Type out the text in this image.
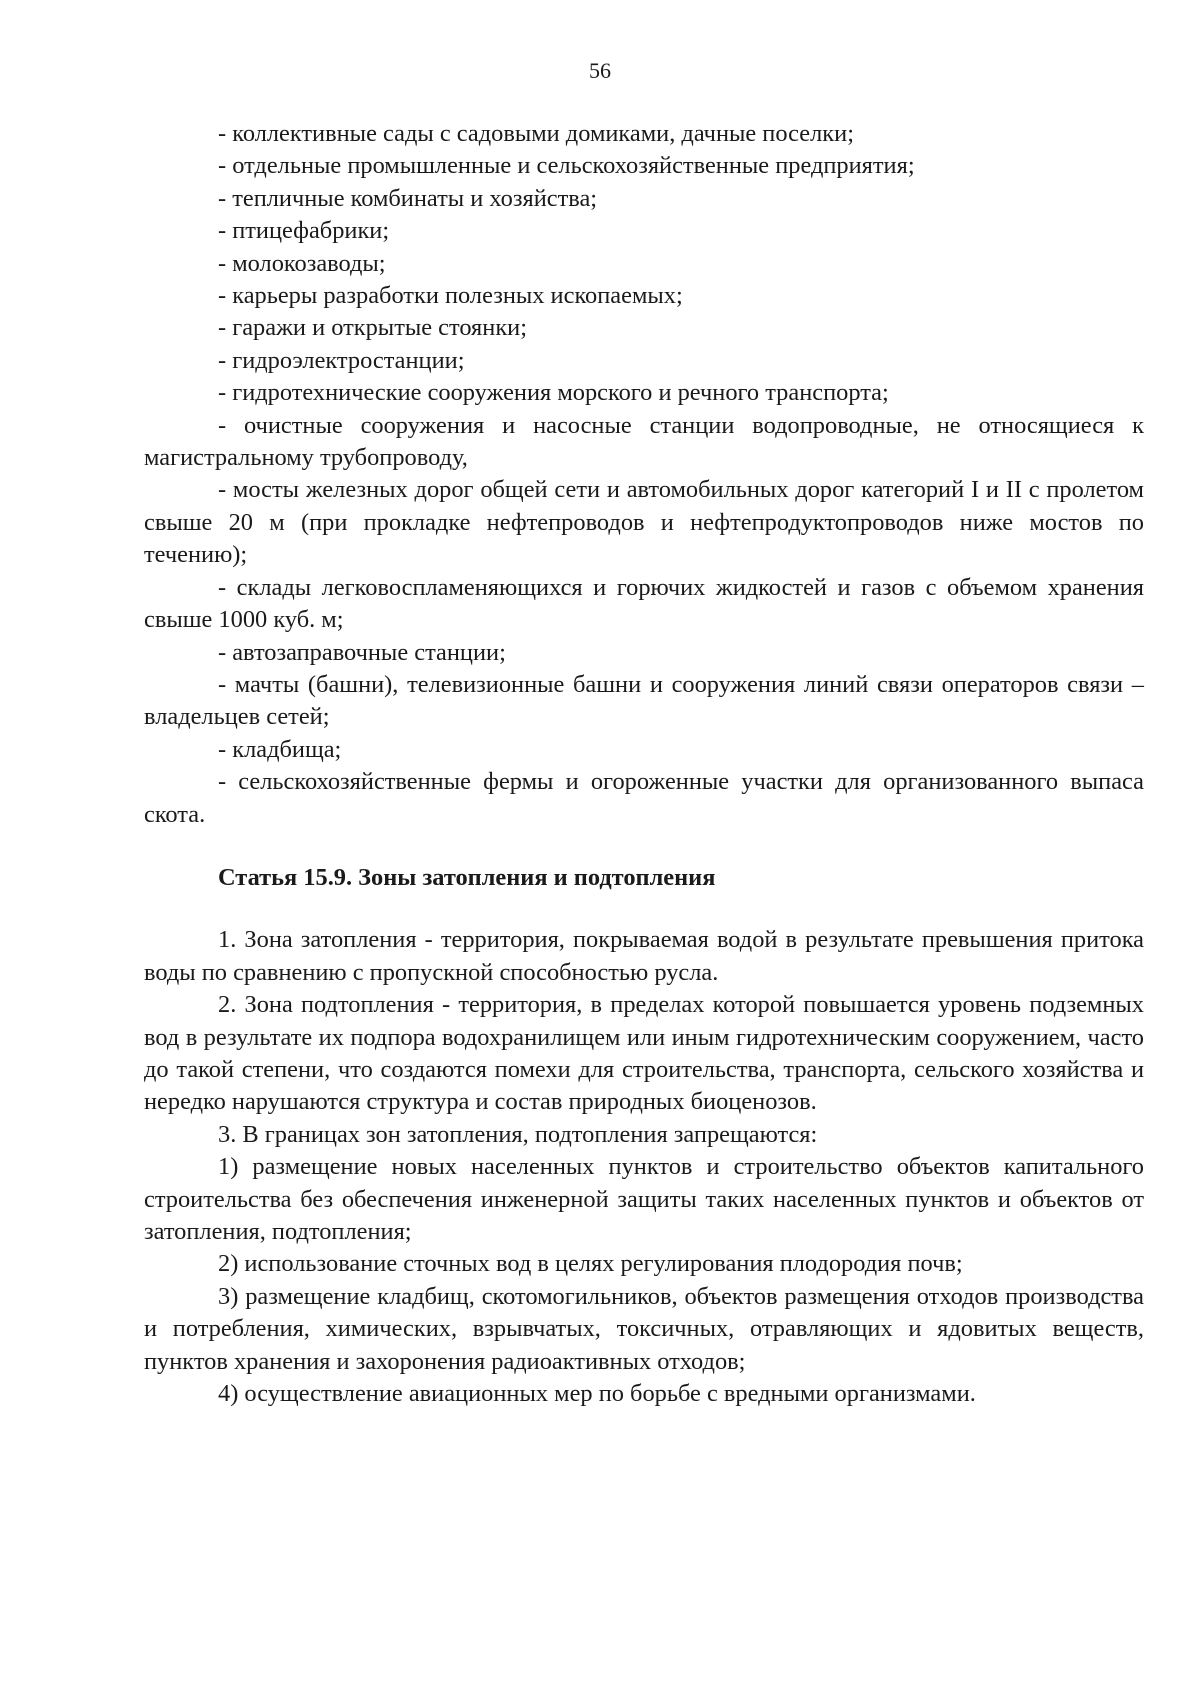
56

- коллективные сады с садовыми домиками, дачные поселки;

- отдельные промышленные и сельскохозяйственные предприятия;

- тепличные комбинаты и хозяйства;

- птицефабрики;

- молокозаводы;

- карьеры разработки полезных ископаемых;

- гаражи и открытые стоянки;

- гидроэлектростанции;

- гидротехнические сооружения морского и речного транспорта;

- очистные сооружения и насосные станции водопроводные, не относящиеся к магистральному трубопроводу,

- мосты железных дорог общей сети и автомобильных дорог категорий I и II с пролетом свыше 20 м (при прокладке нефтепроводов и нефтепродуктопроводов ниже мостов по течению);

- склады легковоспламеняющихся и горючих жидкостей и газов с объемом хранения свыше 1000 куб. м;

- автозаправочные станции;

- мачты (башни), телевизионные башни и сооружения линий связи операторов связи – владельцев сетей;

- кладбища;

- сельскохозяйственные фермы и огороженные участки для организованного выпаса скота.

Статья 15.9. Зоны затопления и подтопления

1. Зона затопления - территория, покрываемая водой в результате превышения притока воды по сравнению с пропускной способностью русла.

2. Зона подтопления - территория, в пределах которой повышается уровень подземных вод в результате их подпора водохранилищем или иным гидротехническим сооружением, часто до такой степени, что создаются помехи для строительства, транспорта, сельского хозяйства и нередко нарушаются структура и состав природных биоценозов.

3. В границах зон затопления, подтопления запрещаются:

1) размещение новых населенных пунктов и строительство объектов капитального строительства без обеспечения инженерной защиты таких населенных пунктов и объектов от затопления, подтопления;

2) использование сточных вод в целях регулирования плодородия почв;

3) размещение кладбищ, скотомогильников, объектов размещения отходов производства и потребления, химических, взрывчатых, токсичных, отравляющих и ядовитых веществ, пунктов хранения и захоронения радиоактивных отходов;

4) осуществление авиационных мер по борьбе с вредными организмами.
